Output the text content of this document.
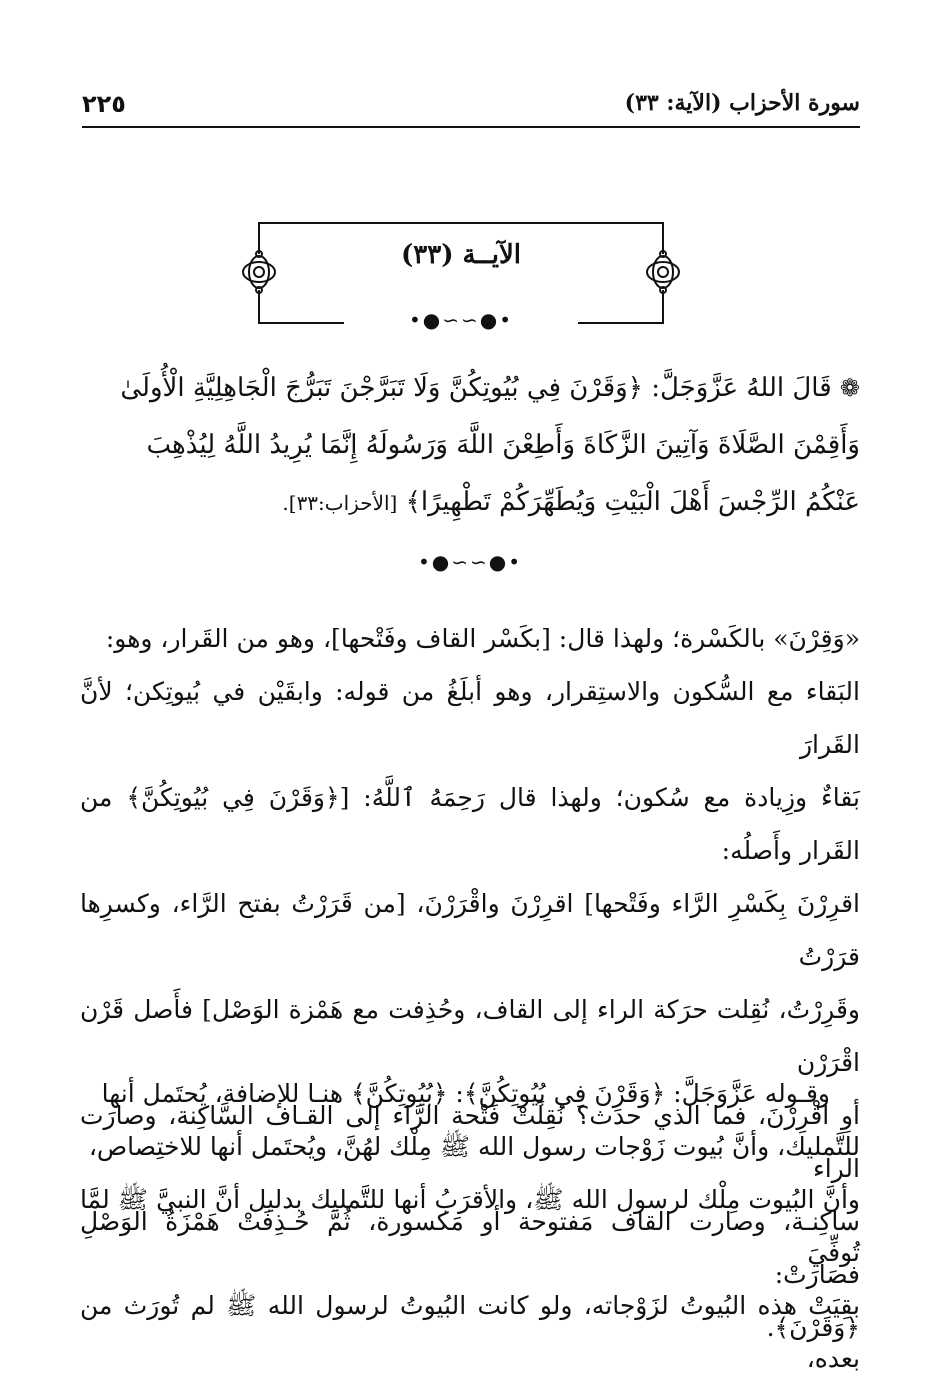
٢٢٥	سورة الأحزاب (الآية: ٣٣)
الآيــة (٣٣)
•●∽∽●•
❁ قَالَ اللهُ عَزَّوَجَلَّ: ﴿وَقَرْنَ فِي بُيُوتِكُنَّ وَلَا تَبَرَّجْنَ تَبَرُّجَ الْجَاهِلِيَّةِ الْأُولَىٰ
وَأَقِمْنَ الصَّلَاةَ وَآتِينَ الزَّكَاةَ وَأَطِعْنَ اللَّهَ وَرَسُولَهُ إِنَّمَا يُرِيدُ اللَّهُ لِيُذْهِبَ
عَنْكُمُ الرِّجْسَ أَهْلَ الْبَيْتِ وَيُطَهِّرَكُمْ تَطْهِيرًا﴾ [الأحزاب:٣٣].
•●∽∽●•
«وَقِرْنَ» بالكَسْرة؛ ولهذا قال: [بكَسْر القاف وفَتْحها]، وهو من القَرار، وهو:
البَقاء مع السُّكون والاستِقرار، وهو أبلَغُ من قوله: وابقَيْن في بُيوتِكن؛ لأنَّ القَرارَ
بَقاءٌ وزِيادة مع سُكون؛ ولهذا قال رَحِمَهُ ٱللَّهُ: [﴿وَقَرْنَ فِي بُيُوتِكُنَّ﴾ من القَرار وأَصلُه:
اقرِرْنَ بِكَسْرِ الرَّاء وفَتْحها] اقرِرْنَ واقْرَرْنَ، [من قَرَرْتُ بفتح الرَّاء، وكسرِها قرَرْتُ
وقَرِرْتُ، نُقِلت حرَكة الراء إلى القاف، وحُذِفت مع هَمْزة الوَصْل] فأَصل قَرْن اقْرَرْن
أوِ اقْرِرْنَ، فما الذي حدَث؟ نُقِلَتْ فَتْحة الرَّاء إلى القـاف السَّاكِنة، وصارَت الراء
ساكِنـة، وصارت القاف مَفتوحة أو مَكسورة، ثُمَّ حُـذِفَتْ هَمْزَةُ الوَصْلِ فصَارَتْ:
﴿وَقَرْنَ﴾.
وقـوله عَزَّوَجَلَّ: ﴿وَقَرْنَ فِي بُيُوتِكُنَّ﴾: ﴿بُيُوتِكُنَّ﴾ هنـا للإضافة، يُحتَمل أنها
للتَّمليك، وأنَّ بُيوت زَوْجات رسول الله ﷺ مِلْك لهُنَّ، ويُحتَمل أنها للاختِصاص،
وأنَّ البُيوت مِلْك لرسول الله ﷺ، والأقرَبُ أنها للتَّمليك بدليل أنَّ النبيَّ ﷺ لمَّا تُوفِّيَ
بقِيَتْ هذه البُيوتُ لزَوْجاته، ولو كانت البُيوتُ لرسول الله ﷺ لم تُورَث من بعده،
